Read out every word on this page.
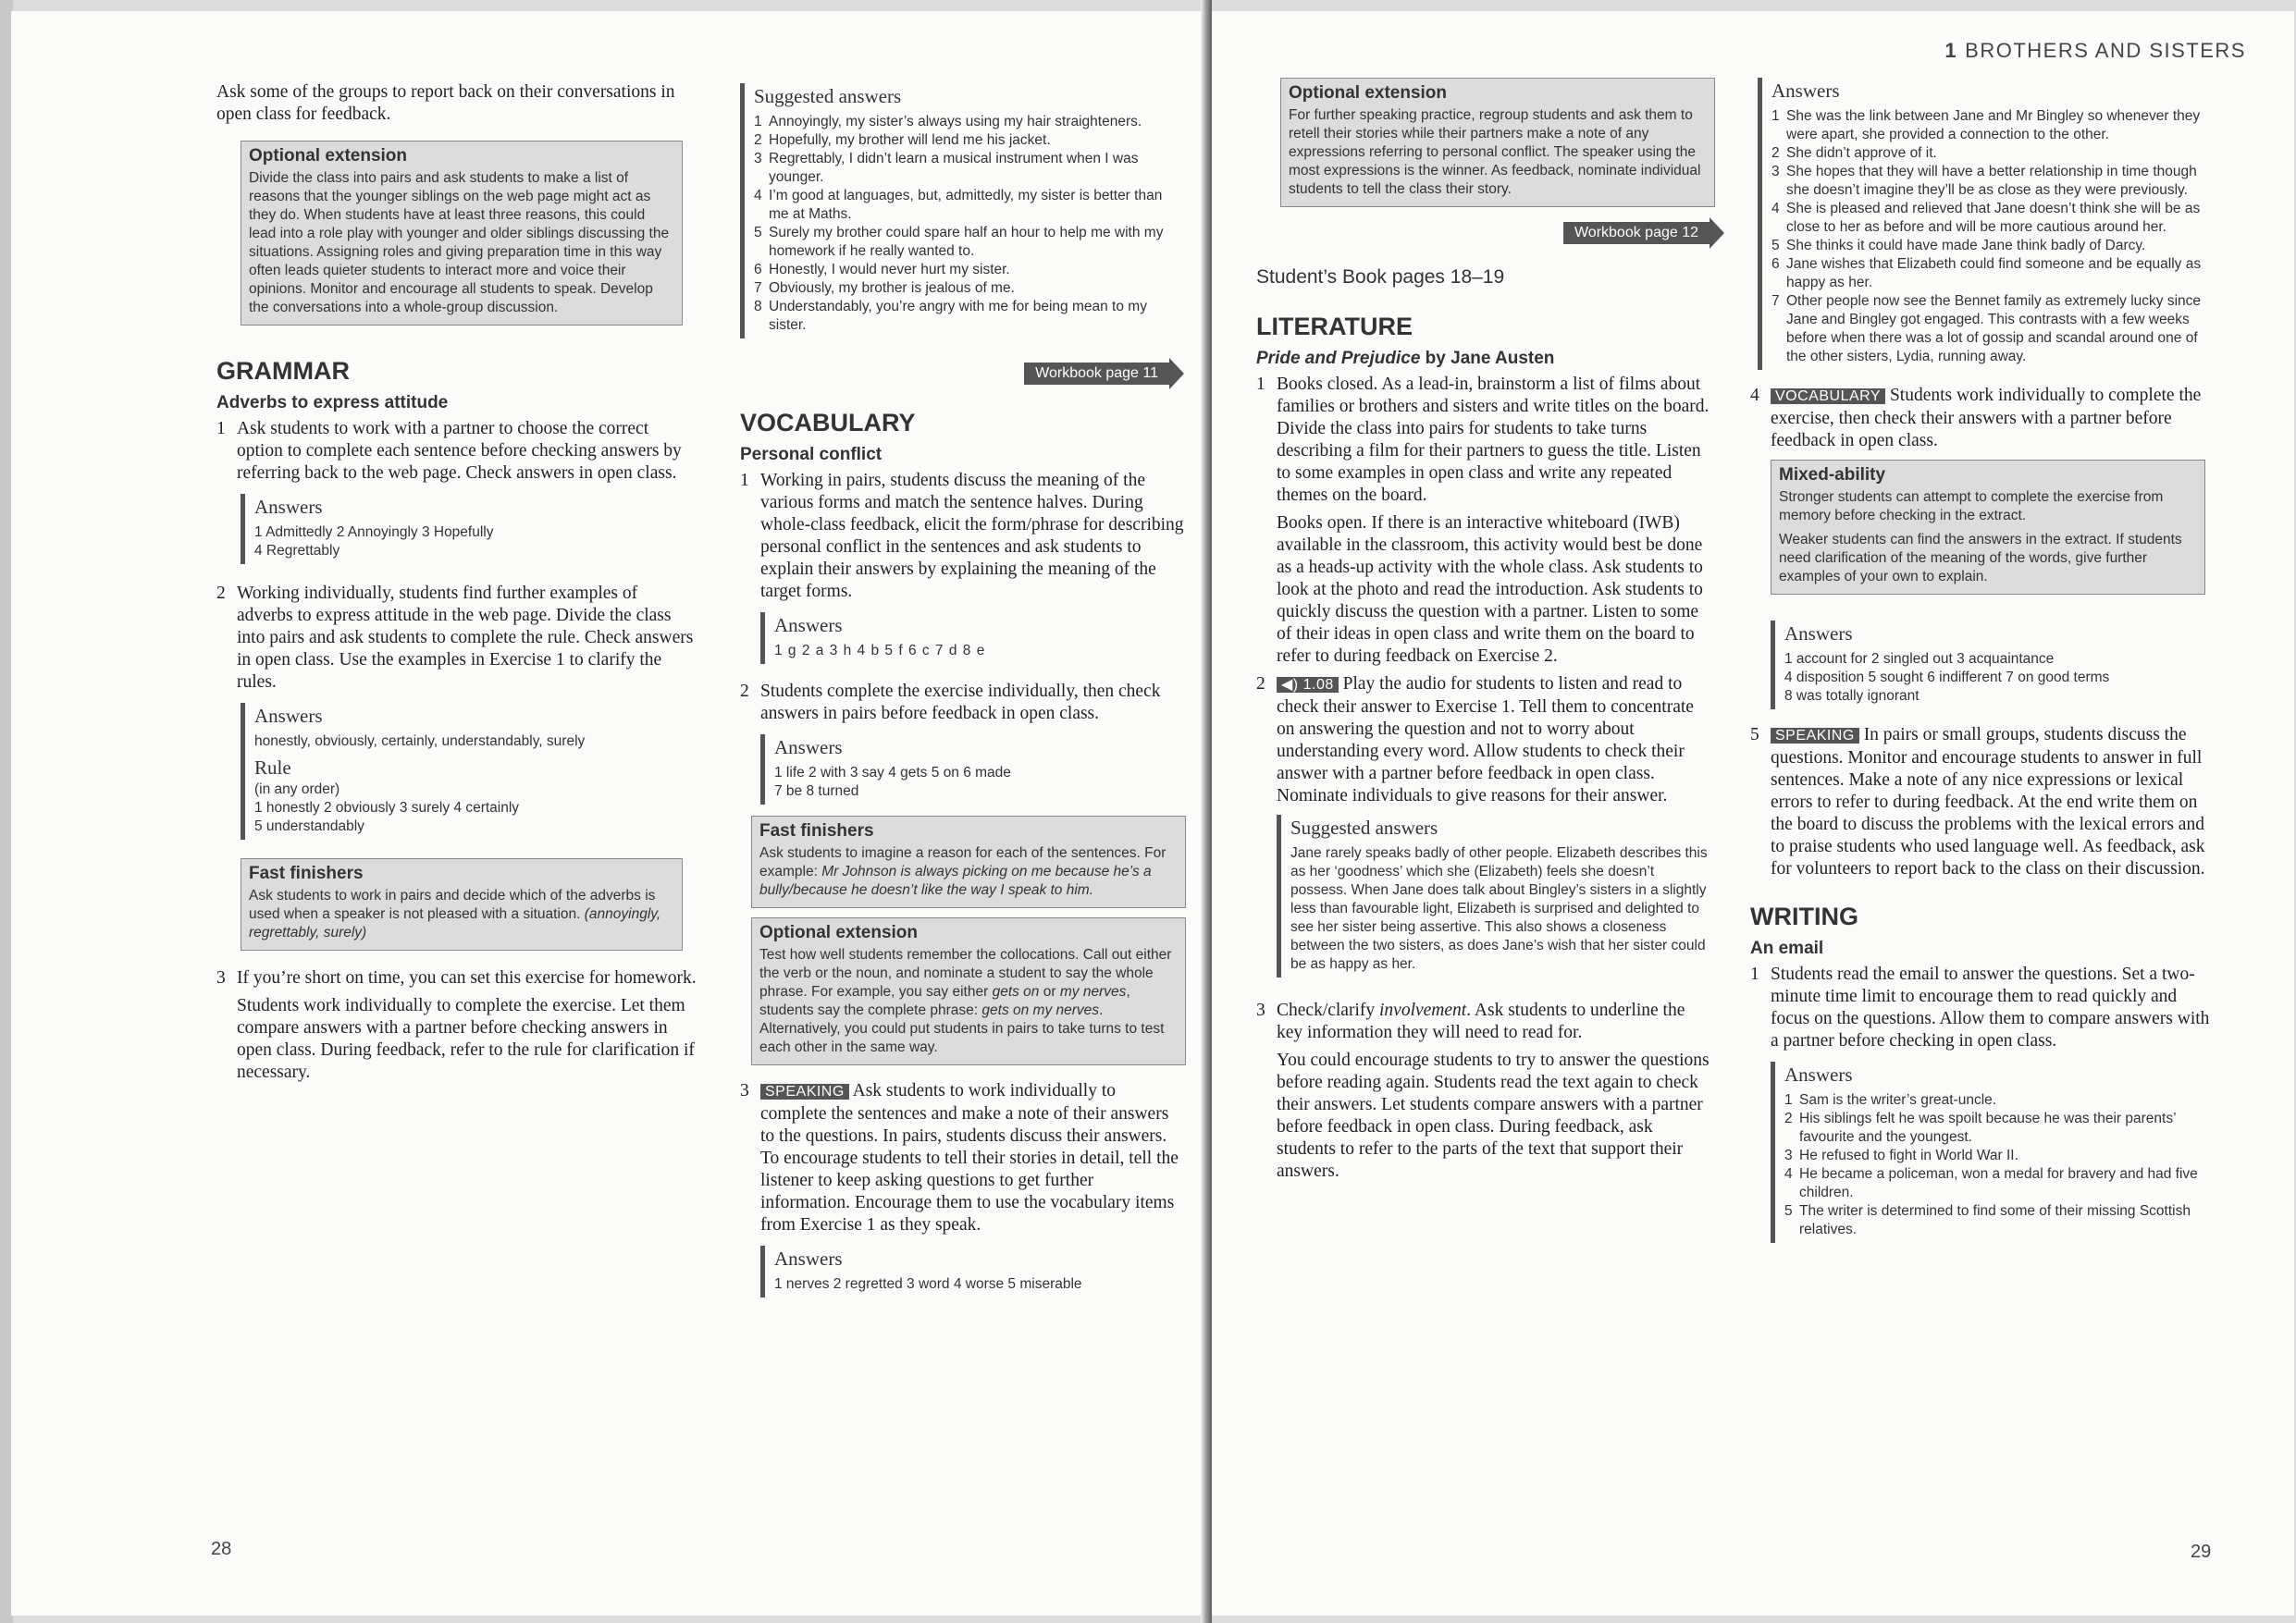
Ask some of the groups to report back on their conversations in open class for feedback.
Optional extension
Divide the class into pairs and ask students to make a list of reasons that the younger siblings on the web page might act as they do. When students have at least three reasons, this could lead into a role play with younger and older siblings discussing the situations. Assigning roles and giving preparation time in this way often leads quieter students to interact more and voice their opinions. Monitor and encourage all students to speak. Develop the conversations into a whole-group discussion.
GRAMMAR
Adverbs to express attitude
1 Ask students to work with a partner to choose the correct option to complete each sentence before checking answers by referring back to the web page. Check answers in open class.

Answers
1 Admittedly 2 Annoyingly 3 Hopefully
4 Regrettably
2 Working individually, students find further examples of adverbs to express attitude in the web page. Divide the class into pairs and ask students to complete the rule. Check answers in open class. Use the examples in Exercise 1 to clarify the rules.

Answers
honestly, obviously, certainly, understandably, surely
Rule
(in any order)
1 honestly 2 obviously 3 surely 4 certainly
5 understandably
Fast finishers
Ask students to work in pairs and decide which of the adverbs is used when a speaker is not pleased with a situation. (annoyingly, regrettably, surely)
3 If you’re short on time, you can set this exercise for homework.

Students work individually to complete the exercise. Let them compare answers with a partner before checking answers in open class. During feedback, refer to the rule for clarification if necessary.

Suggested answers
1 Annoyingly, my sister’s always using my hair straighteners.
2 Hopefully, my brother will lend me his jacket.
3 Regrettably, I didn’t learn a musical instrument when I was younger.
4 I’m good at languages, but, admittedly, my sister is better than me at Maths.
5 Surely my brother could spare half an hour to help me with my homework if he really wanted to.
6 Honestly, I would never hurt my sister.
7 Obviously, my brother is jealous of me.
8 Understandably, you’re angry with me for being mean to my sister.
Workbook page 11
VOCABULARY
Personal conflict
1 Working in pairs, students discuss the meaning of the various forms and match the sentence halves. During whole-class feedback, elicit the form/phrase for describing personal conflict in the sentences and ask students to explain their answers by explaining the meaning of the target forms.

Answers
1 g 2 a 3 h 4 b 5 f 6 c 7 d 8 e
2 Students complete the exercise individually, then check answers in pairs before feedback in open class.

Answers
1 life 2 with 3 say 4 gets 5 on 6 made
7 be 8 turned
Fast finishers
Ask students to imagine a reason for each of the sentences. For example: Mr Johnson is always picking on me because he’s a bully/because he doesn’t like the way I speak to him.
Optional extension
Test how well students remember the collocations. Call out either the verb or the noun, and nominate a student to say the whole phrase. For example, you say either gets on or my nerves, students say the complete phrase: gets on my nerves. Alternatively, you could put students in pairs to take turns to test each other in the same way.
3	SPEAKING Ask students to work individually to complete the sentences and make a note of their answers to the questions. In pairs, students discuss their answers. To encourage students to tell their stories in detail, tell the listener to keep asking questions to get further information. Encourage them to use the vocabulary items from Exercise 1 as they speak.

Answers
1 nerves 2 regretted 3 word 4 worse 5 miserable
28
1 BROTHERS AND SISTERS
Optional extension
For further speaking practice, regroup students and ask them to retell their stories while their partners make a note of any expressions referring to personal conflict. The speaker using the most expressions is the winner. As feedback, nominate individual students to tell the class their story.
Workbook page 12
Student’s Book pages 18–19
LITERATURE
Pride and Prejudice by Jane Austen
1 Books closed. As a lead-in, brainstorm a list of films about families or brothers and sisters and write titles on the board. Divide the class into pairs for students to take turns describing a film for their partners to guess the title. Listen to some examples in open class and write any repeated themes on the board.

Books open. If there is an interactive whiteboard (IWB) available in the classroom, this activity would best be done as a heads-up activity with the whole class. Ask students to look at the photo and read the introduction. Ask students to quickly discuss the question with a partner. Listen to some of their ideas in open class and write them on the board to refer to during feedback on Exercise 2.

2	◀) 1.08 Play the audio for students to listen and read to check their answer to Exercise 1. Tell them to concentrate on answering the question and not to worry about understanding every word. Allow students to check their answer with a partner before feedback in open class. Nominate individuals to give reasons for their answer.

Suggested answers
Jane rarely speaks badly of other people. Elizabeth describes this as her ‘goodness’ which she (Elizabeth) feels she doesn’t possess. When Jane does talk about Bingley’s sisters in a slightly less than favourable light, Elizabeth is surprised and delighted to see her sister being assertive. This also shows a closeness between the two sisters, as does Jane’s wish that her sister could be as happy as her.
3 Check/clarify involvement. Ask students to underline the key information they will need to read for.

You could encourage students to try to answer the questions before reading again. Students read the text again to check their answers. Let students compare answers with a partner before feedback in open class. During feedback, ask students to refer to the parts of the text that support their answers.

Answers
1 She was the link between Jane and Mr Bingley so whenever they were apart, she provided a connection to the other.
2 She didn’t approve of it.
3 She hopes that they will have a better relationship in time though she doesn’t imagine they’ll be as close as they were previously.
4 She is pleased and relieved that Jane doesn’t think she will be as close to her as before and will be more cautious around her.
5 She thinks it could have made Jane think badly of Darcy.
6 Jane wishes that Elizabeth could find someone and be equally as happy as her.
7 Other people now see the Bennet family as extremely lucky since Jane and Bingley got engaged. This contrasts with a few weeks before when there was a lot of gossip and scandal around one of the other sisters, Lydia, running away.
4	VOCABULARY Students work individually to complete the exercise, then check their answers with a partner before feedback in open class.

Mixed-ability

Stronger students can attempt to complete the exercise from memory before checking in the extract.

Weaker students can find the answers in the extract. If students need clarification of the meaning of the words, give further examples of your own to explain.

Answers
1 account for 2 singled out 3 acquaintance
4 disposition 5 sought 6 indifferent 7 on good terms
8 was totally ignorant
5	SPEAKING In pairs or small groups, students discuss the questions. Monitor and encourage students to answer in full sentences. Make a note of any nice expressions or lexical errors to refer to during feedback. At the end write them on the board to discuss the problems with the lexical errors and to praise students who used language well. As feedback, ask for volunteers to report back to the class on their discussion.

WRITING
An email
1 Students read the email to answer the questions. Set a two-minute time limit to encourage them to read quickly and focus on the questions. Allow them to compare answers with a partner before checking in open class.

Answers
1 Sam is the writer’s great-uncle.
2 His siblings felt he was spoilt because he was their parents’ favourite and the youngest.
3 He refused to fight in World War II.
4 He became a policeman, won a medal for bravery and had five children.
5 The writer is determined to find some of their missing Scottish relatives.
29
